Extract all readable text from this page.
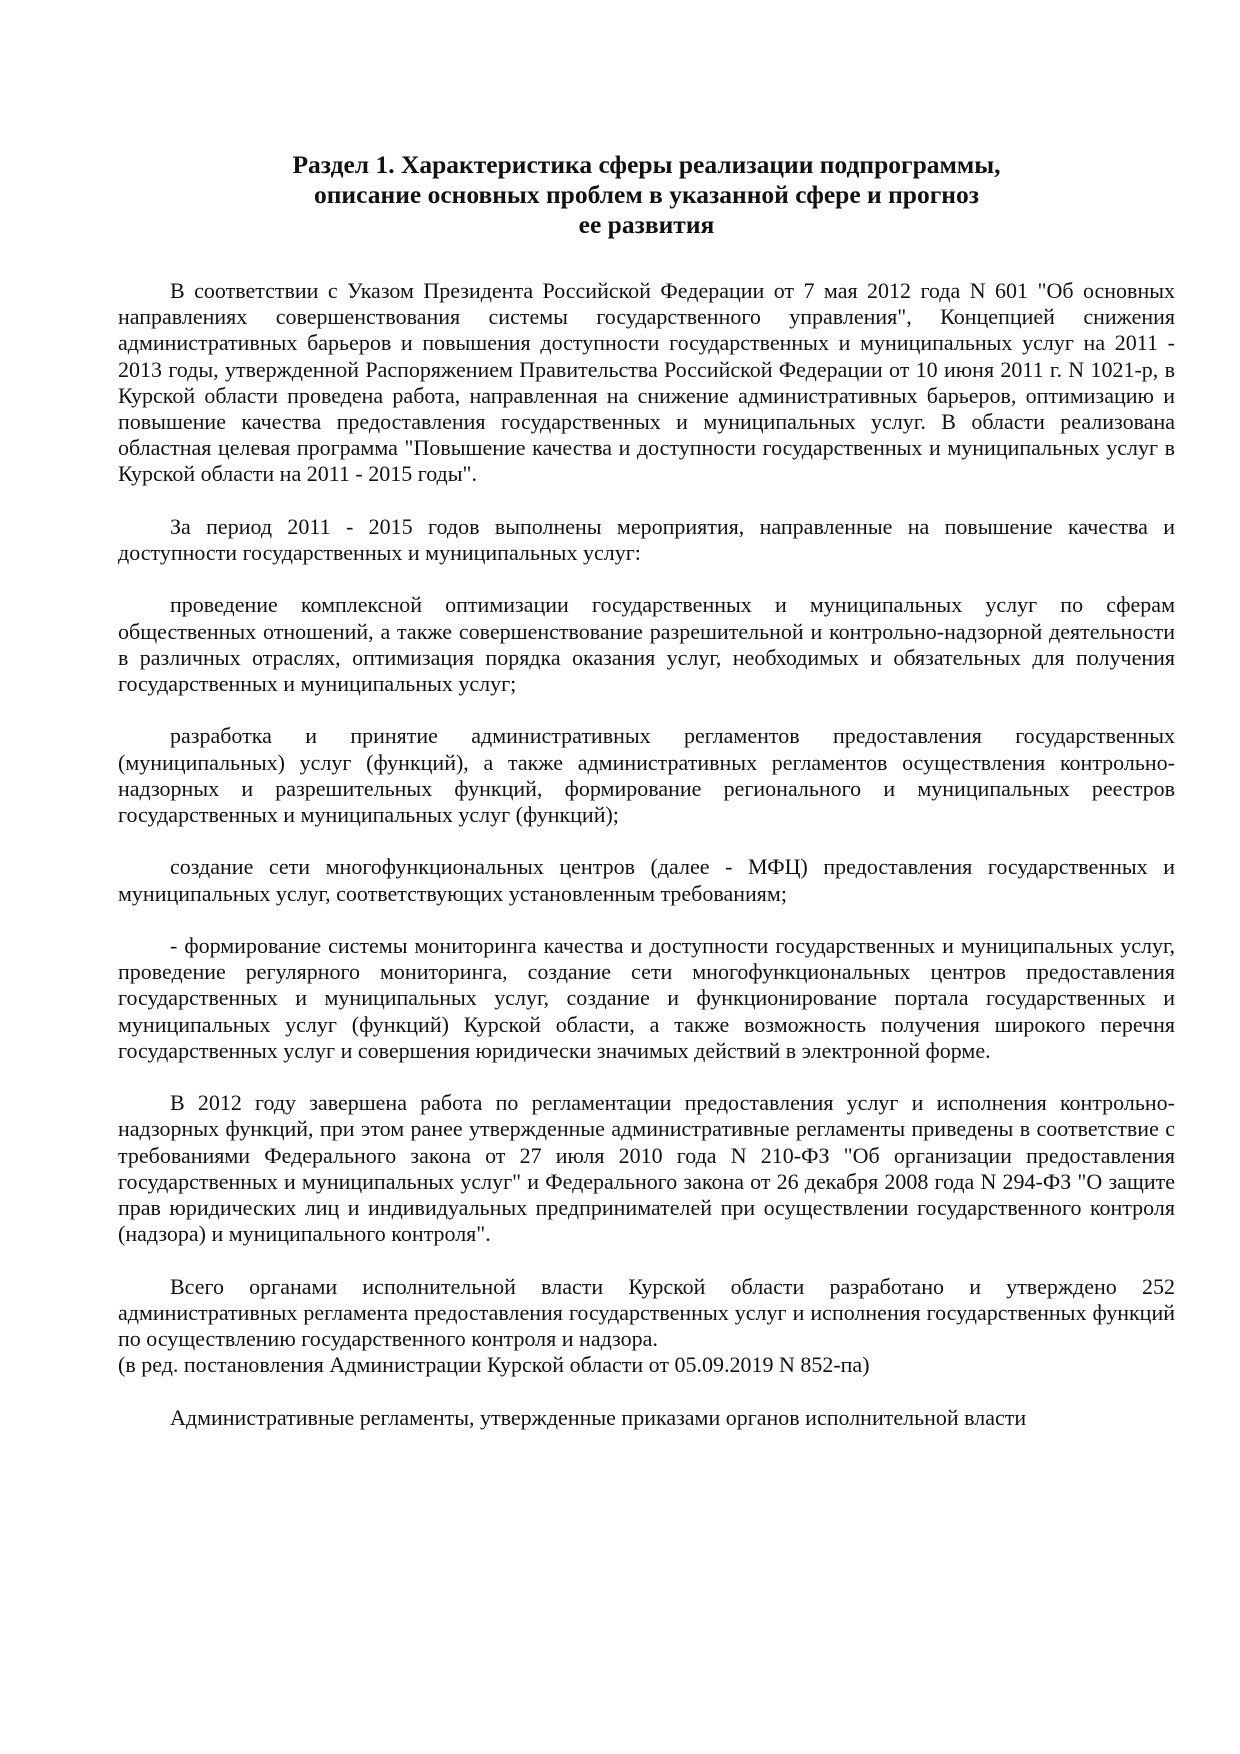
Раздел 1. Характеристика сферы реализации подпрограммы,
описание основных проблем в указанной сфере и прогноз
ее развития

В соответствии с Указом Президента Российской Федерации от 7 мая 2012 года N 601 "Об основных направлениях совершенствования системы государственного управления", Концепцией снижения административных барьеров и повышения доступности государственных и муниципальных услуг на 2011 - 2013 годы, утвержденной Распоряжением Правительства Российской Федерации от 10 июня 2011 г. N 1021-р, в Курской области проведена работа, направленная на снижение административных барьеров, оптимизацию и повышение качества предоставления государственных и муниципальных услуг. В области реализована областная целевая программа "Повышение качества и доступности государственных и муниципальных услуг в Курской области на 2011 - 2015 годы".

За период 2011 - 2015 годов выполнены мероприятия, направленные на повышение качества и доступности государственных и муниципальных услуг:

проведение комплексной оптимизации государственных и муниципальных услуг по сферам общественных отношений, а также совершенствование разрешительной и контрольно-надзорной деятельности в различных отраслях, оптимизация порядка оказания услуг, необходимых и обязательных для получения государственных и муниципальных услуг;

разработка и принятие административных регламентов предоставления государственных (муниципальных) услуг (функций), а также административных регламентов осуществления контрольно-надзорных и разрешительных функций, формирование регионального и муниципальных реестров государственных и муниципальных услуг (функций);

создание сети многофункциональных центров (далее - МФЦ) предоставления государственных и муниципальных услуг, соответствующих установленным требованиям;

- формирование системы мониторинга качества и доступности государственных и муниципальных услуг, проведение регулярного мониторинга, создание сети многофункциональных центров предоставления государственных и муниципальных услуг, создание и функционирование портала государственных и муниципальных услуг (функций) Курской области, а также возможность получения широкого перечня государственных услуг и совершения юридически значимых действий в электронной форме.

В 2012 году завершена работа по регламентации предоставления услуг и исполнения контрольно-надзорных функций, при этом ранее утвержденные административные регламенты приведены в соответствие с требованиями Федерального закона от 27 июля 2010 года N 210-ФЗ "Об организации предоставления государственных и муниципальных услуг" и Федерального закона от 26 декабря 2008 года N 294-ФЗ "О защите прав юридических лиц и индивидуальных предпринимателей при осуществлении государственного контроля (надзора) и муниципального контроля".

Всего органами исполнительной власти Курской области разработано и утверждено 252 административных регламента предоставления государственных услуг и исполнения государственных функций по осуществлению государственного контроля и надзора.

(в ред. постановления Администрации Курской области от 05.09.2019 N 852-па)

Административные регламенты, утвержденные приказами органов исполнительной власти
